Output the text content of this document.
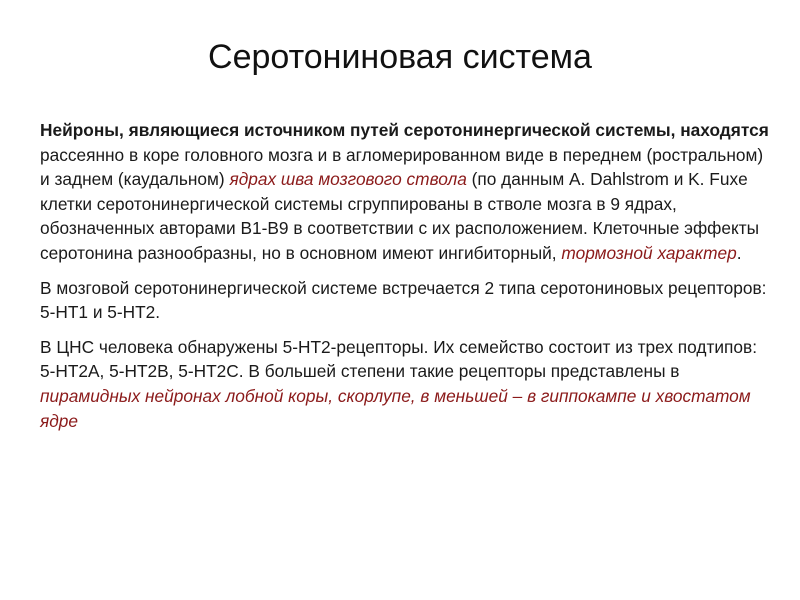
Серотониновая система

Нейроны, являющиеся источником путей серотонинергической системы, находятся рассеянно в коре головного мозга и в агломерированном виде в переднем (ростральном) и заднем (каудальном) ядрах шва мозгового ствола (по данным A. Dahlstrom и K. Fuxe клетки серотонинергической системы сгруппированы в стволе мозга в 9 ядрах, обозначенных авторами B1-B9 в соответствии с их расположением. Клеточные эффекты серотонина разнообразны, но в основном имеют ингибиторный, тормозной характер.

В мозговой серотонинергической системе встречается 2 типа серотониновых рецепторов: 5-НТ1 и 5-НТ2.

В ЦНС человека обнаружены 5-НТ2-рецепторы. Их семейство состоит из трех подтипов: 5-НТ2А, 5-НТ2В, 5-НТ2С. В большей степени такие рецепторы представлены в пирамидных нейронах лобной коры, скорлупе, в меньшей – в гиппокампе и хвостатом ядре
